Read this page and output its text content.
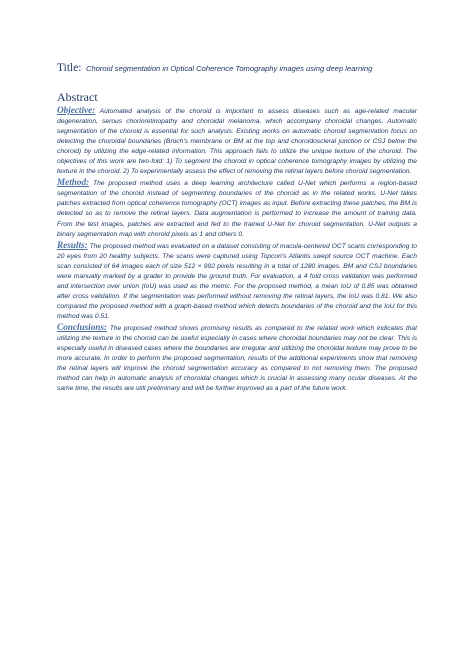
Title: Choroid segmentation in Optical Coherence Tomography images using deep learning
Abstract

Objective: Automated analysis of the choroid is important to assess diseases such as age-related macular degeneration, serous chorioretinopathy and choroidal melanoma, which accompany choroidal changes. Automatic segmentation of the choroid is essential for such analysis. Existing works on automatic choroid segmentation focus on detecting the choroidal boundaries (Bruch's membrane or BM at the top and choroidoscleral junction or CSJ below the choroid) by utilizing the edge-related information. This approach fails to utilize the unique texture of the choroid. The objectives of this work are two-fold: 1) To segment the choroid in optical coherence tomography images by utilizing the texture in the choroid. 2) To experimentally assess the effect of removing the retinal layers before choroid segmentation.

Method: The proposed method uses a deep learning architecture called U-Net which performs a region-based segmentation of the choroid instead of segmenting boundaries of the choroid as in the related works. U-Net takes patches extracted from optical coherence tomography (OCT) images as input. Before extracting these patches, the BM is detected so as to remove the retinal layers. Data augmentation is performed to increase the amount of training data. From the test images, patches are extracted and fed to the trained U-Net for choroid segmentation. U-Net outputs a binary segmentation map with choroid pixels as 1 and others 0.

Results: The proposed method was evaluated on a dataset consisting of macula-centered OCT scans corresponding to 20 eyes from 20 healthy subjects. The scans were captured using Topcon's Atlantis swept source OCT machine. Each scan consisted of 64 images each of size 512 × 992 pixels resulting in a total of 1280 images. BM and CSJ boundaries were manually marked by a grader to provide the ground truth. For evaluation, a 4 fold cross validation was performed and intersection over union (IoU) was used as the metric. For the proposed method, a mean IoU of 0.85 was obtained after cross validation. If the segmentation was performed without removing the retinal layers, the IoU was 0.81. We also compared the proposed method with a graph-based method which detects boundaries of the choroid and the IoU for this method was 0.51.

Conclusions: The proposed method shows promising results as compared to the related work which indicates that utilizing the texture in the choroid can be useful especially in cases where choroidal boundaries may not be clear. This is especially useful in diseased cases where the boundaries are irregular and utilizing the choroidal texture may prove to be more accurate. In order to perform the proposed segmentation, results of the additional experiments show that removing the retinal layers will improve the choroid segmentation accuracy as compared to not removing them. The proposed method can help in automatic analysis of choroidal changes which is crucial in assessing many ocular diseases. At the same time, the results are still preliminary and will be further improved as a part of the future work.
